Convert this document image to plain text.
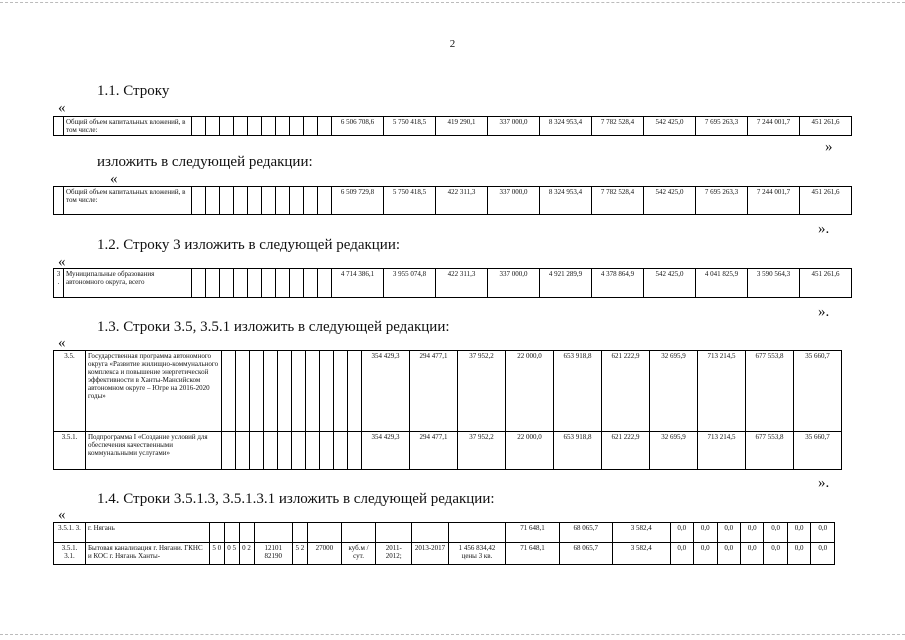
2
1.1. Строку
«
	Общий объем капитальных вложений, в том числе:											6 506 708,6	5 750 418,5	419 290,1	337 000,0	8 324 953,4	7 782 528,4	542 425,0	7 695 263,3	7 244 001,7	451 261,6
»
изложить в следующей редакции:
«
	Общий объем капитальных вложений, в том числе:											6 509 729,8	5 750 418,5	422 311,3	337 000,0	8 324 953,4	7 782 528,4	542 425,0	7 695 263,3	7 244 001,7	451 261,6
».
1.2. Строку 3 изложить в следующей редакции:
«
3 .	Муниципальные образования автономного округа, всего											4 714 386,1	3 955 074,8	422 311,3	337 000,0	4 921 289,9	4 378 864,9	542 425,0	4 041 825,9	3 590 564,3	451 261,6
».
1.3. Строки 3.5, 3.5.1 изложить в следующей редакции:
«
3.5.	Государственная программа автономного округа «Развитие жилищно-коммунального комплекса и повышение энергетической эффективности в Ханты-Мансийском автономном округе – Югре на 2016-2020 годы»											354 429,3	294 477,1	37 952,2	22 000,0	653 918,8	621 222,9	32 695,9	713 214,5	677 553,8	35 660,7
3.5.1.	Подпрограмма I «Создание условий для обеспечения качественными коммунальными услугами»											354 429,3	294 477,1	37 952,2	22 000,0	653 918,8	621 222,9	32 695,9	713 214,5	677 553,8	35 660,7
».
1.4. Строки 3.5.1.3, 3.5.1.3.1 изложить в следующей редакции:
«
3.5.1. 3.	г. Нягань											71 648,1	68 065,7	3 582,4	0,0	0,0	0,0	0,0	0,0	0,0	0,0
3.5.1. 3.1.	Бытовая канализация г. Нягани. ГКНС и КОС г. Нягань Ханты-	5 0	0 5	0 2	12101 82190	5 2	27000	куб.м / сут.	2011-2012;	2013-2017	1 456 834,42 цены 3 кв.	71 648,1	68 065,7	3 582,4	0,0	0,0	0,0	0,0	0,0	0,0	0,0
